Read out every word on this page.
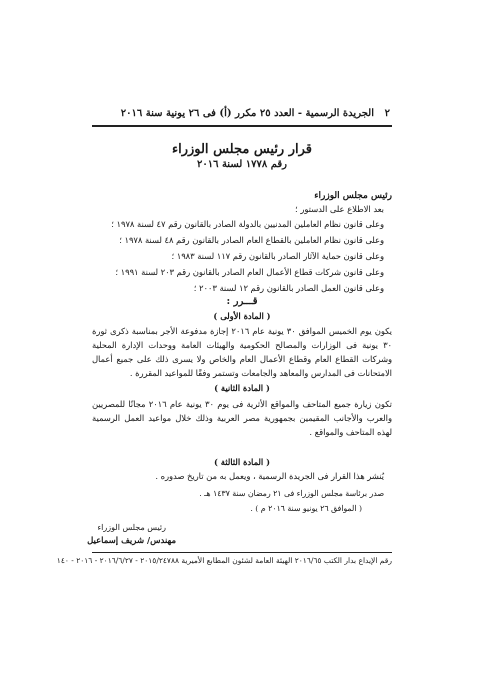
٢
الجريدة الرسمية - العدد ٢٥ مكرر (أ) فى ٢٦ يونية سنة ٢٠١٦
قرار رئيس مجلس الوزراء
رقم ١٧٧٨ لسنة ٢٠١٦
رئيس مجلس الوزراء
بعد الاطلاع على الدستور ؛
وعلى قانون نظام العاملين المدنيين بالدولة الصادر بالقانون رقم ٤٧ لسنة ١٩٧٨ ؛
وعلى قانون نظام العاملين بالقطاع العام الصادر بالقانون رقم ٤٨ لسنة ١٩٧٨ ؛
وعلى قانون حماية الآثار الصادر بالقانون رقم ١١٧ لسنة ١٩٨٣ ؛
وعلى قانون شركات قطاع الأعمال العام الصادر بالقانون رقم ٢٠٣ لسنة ١٩٩١ ؛
وعلى قانون العمل الصادر بالقانون رقم ١٢ لسنة ٢٠٠٣ ؛
قـــرر :
( المادة الأولى )
يكون يوم الخميس الموافق ٣٠ يونية عام ٢٠١٦ إجازة مدفوعة الأجر بمناسبة ذكرى ثورة ٣٠ يونية فى الوزارات والمصالح الحكومية والهيئات العامة ووحدات الإدارة المحلية وشركات القطاع العام وقطاع الأعمال العام والخاص ولا يسرى ذلك على جميع أعمال الامتحانات فى المدارس والمعاهد والجامعات وتستمر وفقًا للمواعيد المقررة .
( المادة الثانية )
تكون زيارة جميع المتاحف والمواقع الأثرية فى يوم ٣٠ يونية عام ٢٠١٦ مجانًا للمصريين والعرب والأجانب المقيمين بجمهورية مصر العربية وذلك خلال مواعيد العمل الرسمية لهذه المتاحف والمواقع .
( المادة الثالثة )
يُنشر هذا القرار فى الجريدة الرسمية ، ويعمل به من تاريخ صدوره .
صدر برئاسة مجلس الوزراء فى ٢١ رمضان سنة ١٤٣٧ هـ .
( الموافق ٢٦ يونيو سنة ٢٠١٦ م ) .
رئيس مجلس الوزراء
مهندس/ شريف إسماعيل
رقم الإيداع بدار الكتب ٢٠١٦/٦٥ الهيئة العامة لشئون المطابع الأميرية ٢٠١٥/٢٤٧٨٨ - ٢٠١٦/٦/٢٧ - ٢٠١٦ - ١٤٠
